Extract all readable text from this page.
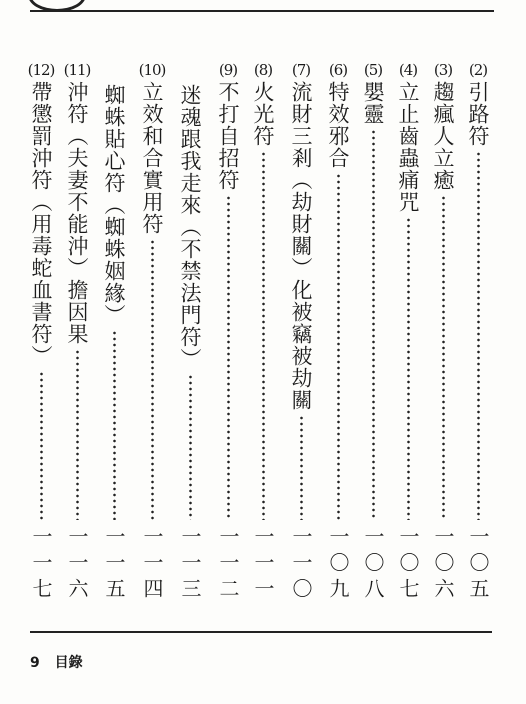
(2)
引路符
一〇五
(3)
趨瘋人立癒
一〇六
(4)
立止齒蟲痛咒
一〇七
(5)
嬰靈
一〇八
(6)
特效邪合
一〇九
(7)
流財三剎（劫財關）化被竊被劫關
一一〇
(8)
火光符
一一一
(9)
不打自招符
一一二
迷魂跟我走來（不禁法門符）
一一三
(10)
立效和合實用符
一一四
蜘蛛貼心符（蜘蛛姻緣）
一一五
(11)
沖符（夫妻不能沖）擔因果
一一六
(12)
帶懲罰沖符（用毒蛇血書符）
一一七
9 目錄
